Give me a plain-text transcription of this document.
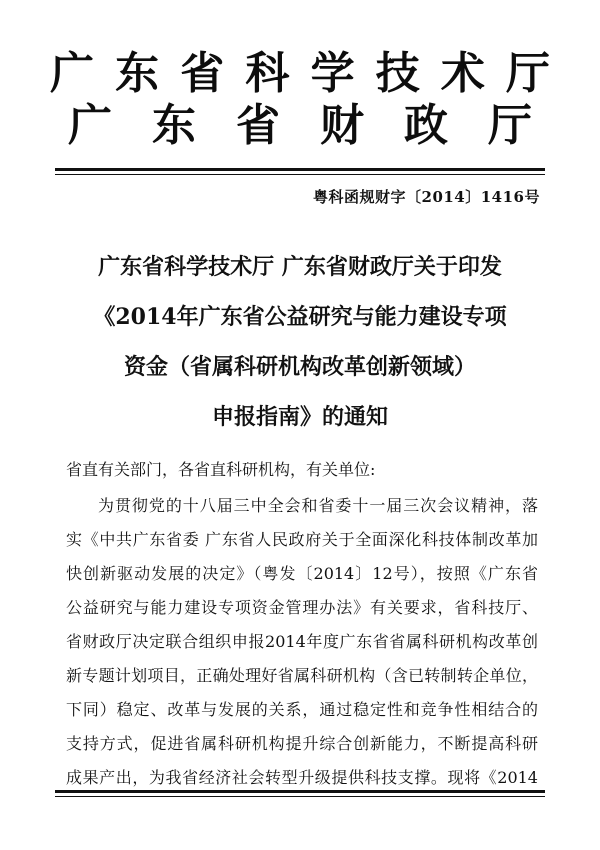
广 东 省 科 学 技 术 厅
广 东 省 财 政 厅
粤科函规财字〔2014〕1416号
广东省科学技术厅 广东省财政厅关于印发
《2014年广东省公益研究与能力建设专项
资金（省属科研机构改革创新领域）
申报指南》的通知
省直有关部门，各省直科研机构，有关单位:
为贯彻党的十八届三中全会和省委十一届三次会议精神，落
实《中共广东省委 广东省人民政府关于全面深化科技体制改革加
快创新驱动发展的决定》（粤发〔2014〕12号），按照《广东省
公益研究与能力建设专项资金管理办法》有关要求，省科技厅、
省财政厅决定联合组织申报2014年度广东省省属科研机构改革创
新专题计划项目，正确处理好省属科研机构（含已转制转企单位，
下同）稳定、改革与发展的关系，通过稳定性和竞争性相结合的
支持方式，促进省属科研机构提升综合创新能力，不断提高科研
成果产出，为我省经济社会转型升级提供科技支撑。现将《2014
